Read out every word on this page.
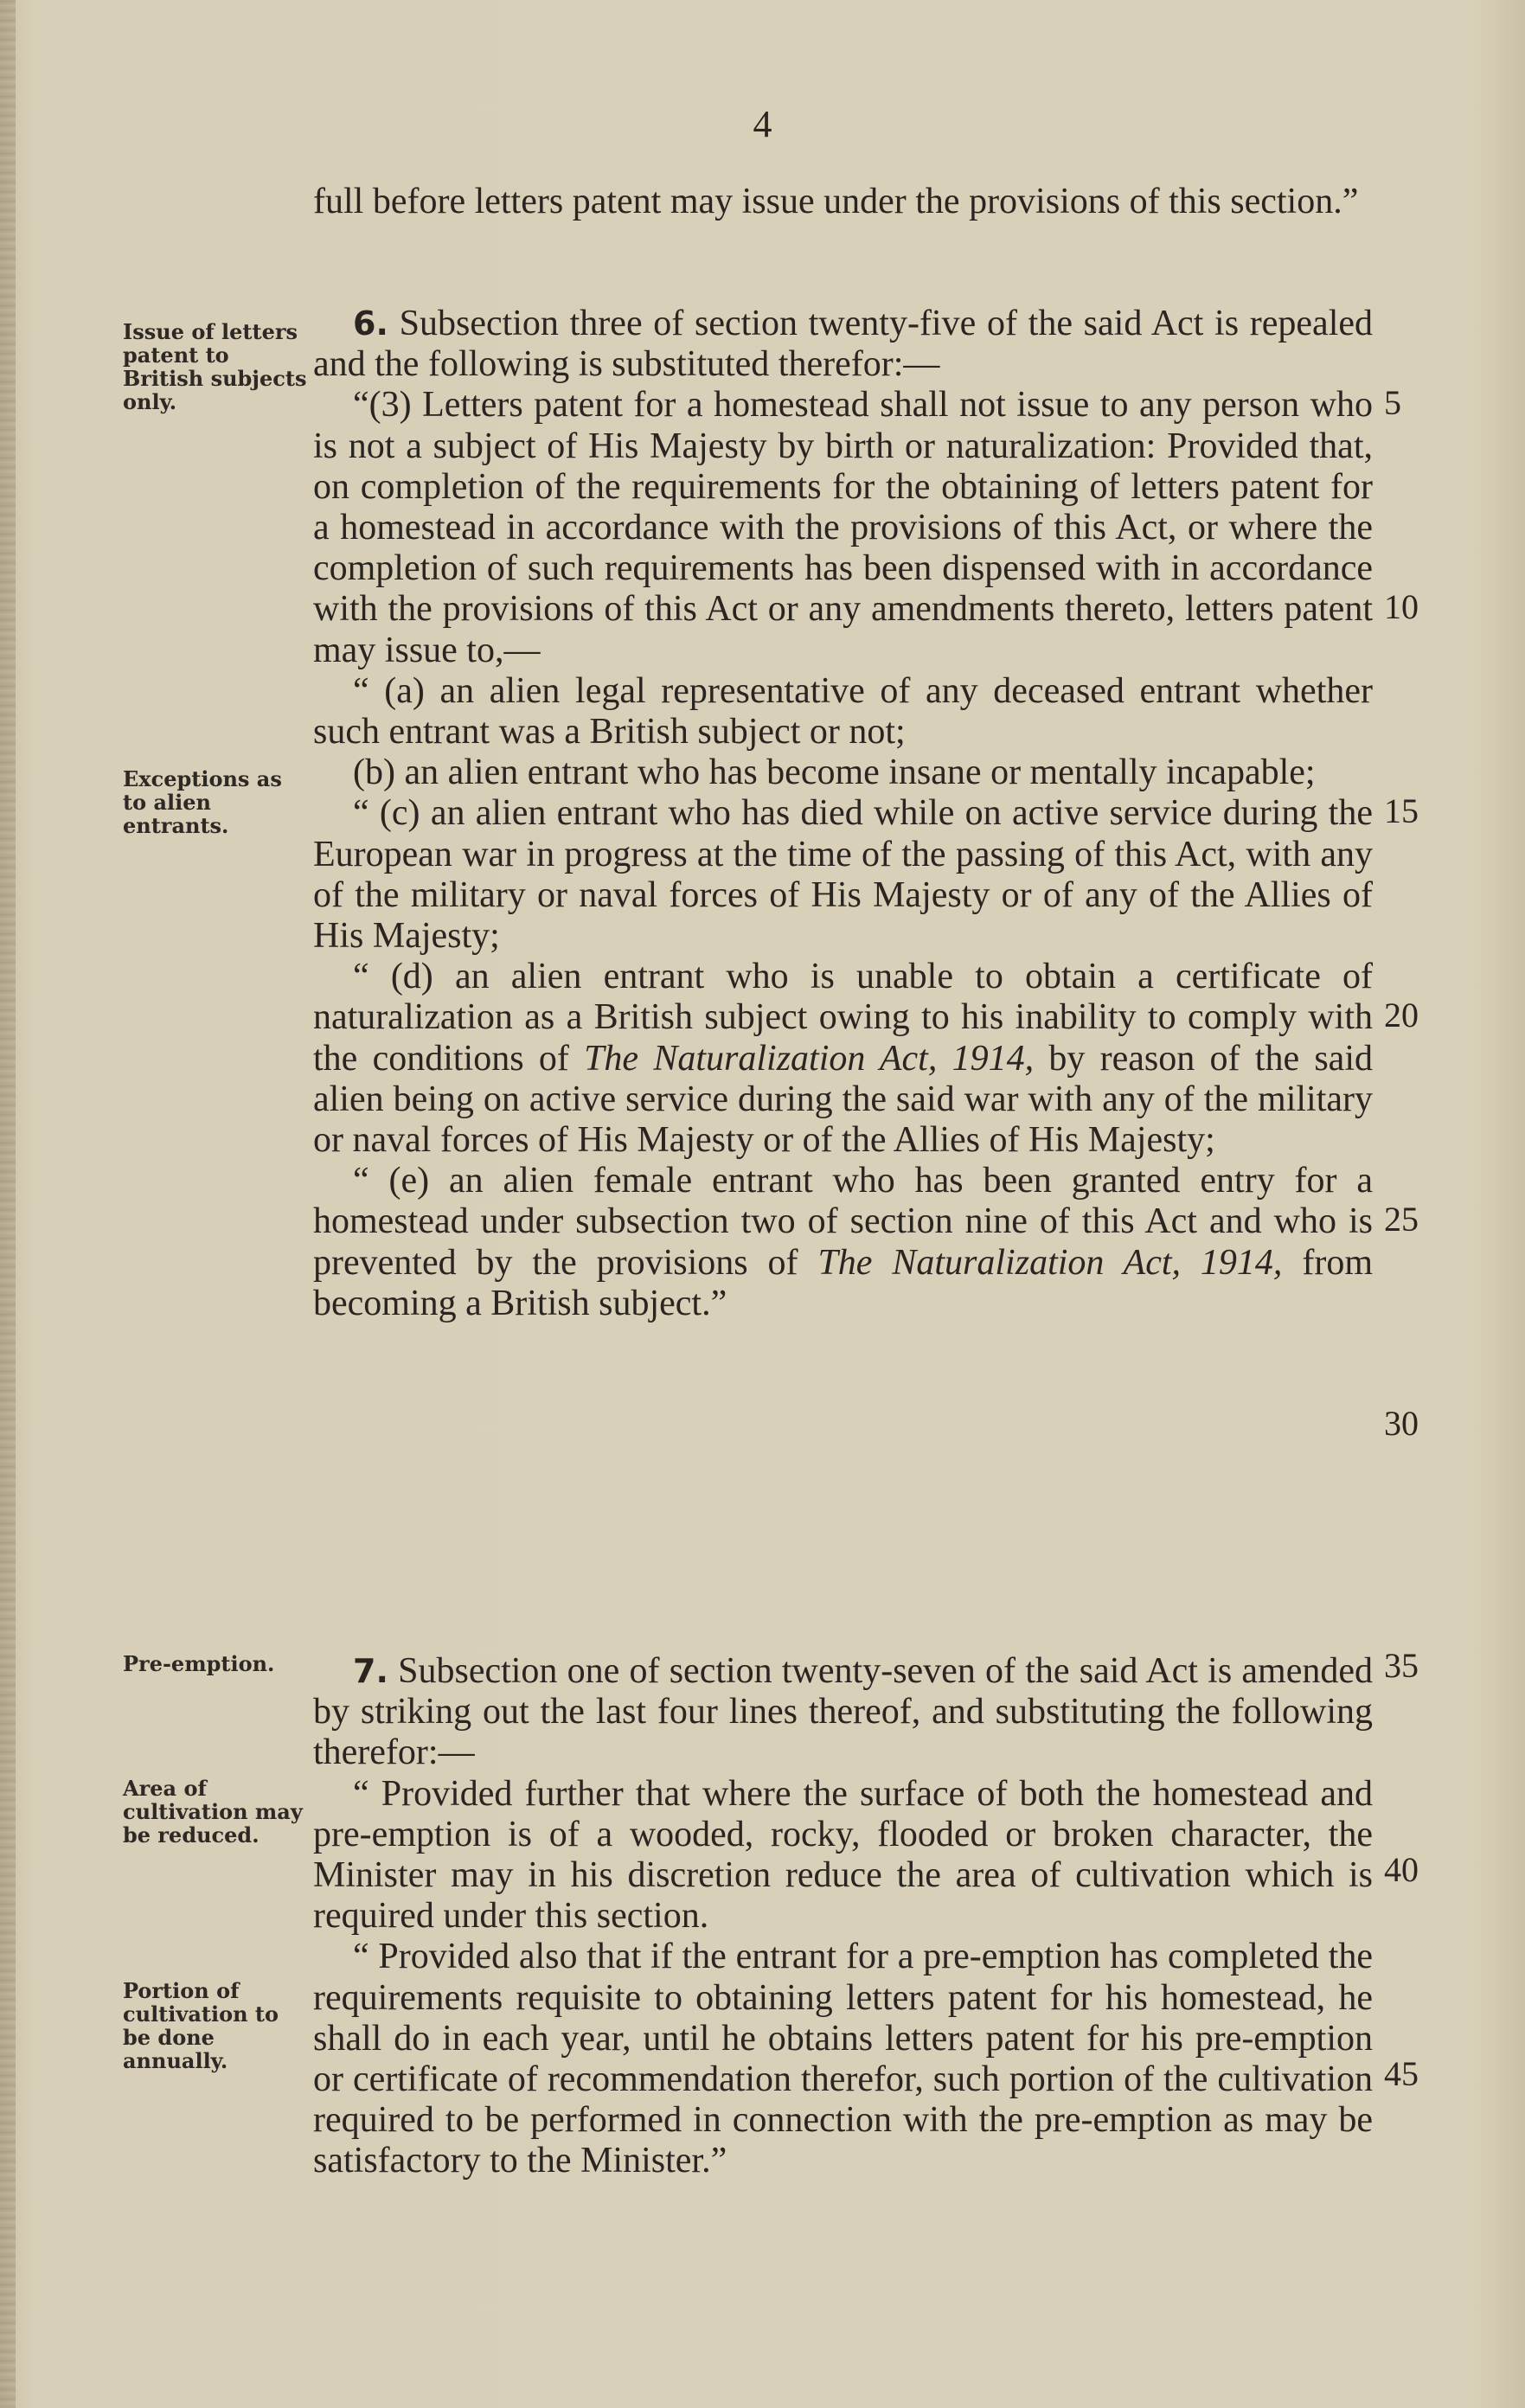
4

full before letters patent may issue under the provisions of this section.”

6. Subsection three of section twenty-five of the said Act is repealed and the following is substituted therefor:—

“(3) Letters patent for a homestead shall not issue to any person who is not a subject of His Majesty by birth or naturalization: Provided that, on completion of the requirements for the obtaining of letters patent for a homestead in accordance with the provisions of this Act, or where the completion of such requirements has been dispensed with in accordance with the provisions of this Act or any amendments thereto, letters patent may issue to,—

“ (a) an alien legal representative of any deceased entrant whether such entrant was a British subject or not;

(b) an alien entrant who has become insane or mentally incapable;

“ (c) an alien entrant who has died while on active service during the European war in progress at the time of the passing of this Act, with any of the military or naval forces of His Majesty or of any of the Allies of His Majesty;

“ (d) an alien entrant who is unable to obtain a certificate of naturalization as a British subject owing to his inability to comply with the conditions of The Naturalization Act, 1914, by reason of the said alien being on active service during the said war with any of the military or naval forces of His Majesty or of the Allies of His Majesty;

“ (e) an alien female entrant who has been granted entry for a homestead under subsection two of section nine of this Act and who is prevented by the provisions of The Naturalization Act, 1914, from becoming a British subject.”

7. Subsection one of section twenty-seven of the said Act is amended by striking out the last four lines thereof, and substituting the following therefor:—

“ Provided further that where the surface of both the homestead and pre-emption is of a wooded, rocky, flooded or broken character, the Minister may in his discretion reduce the area of cultivation which is required under this section.

“ Provided also that if the entrant for a pre-emption has completed the requirements requisite to obtaining letters patent for his homestead, he shall do in each year, until he obtains letters patent for his pre-emption or certificate of recommendation therefor, such portion of the cultivation required to be performed in connection with the pre-emption as may be satisfactory to the Minister.”

Issue of letters patent to British subjects only.
Exceptions as to alien entrants.
Pre-emption.
Area of cultivation may be reduced.
Portion of cultivation to be done annually.
5
10
15
20
25
30
35
40
45
